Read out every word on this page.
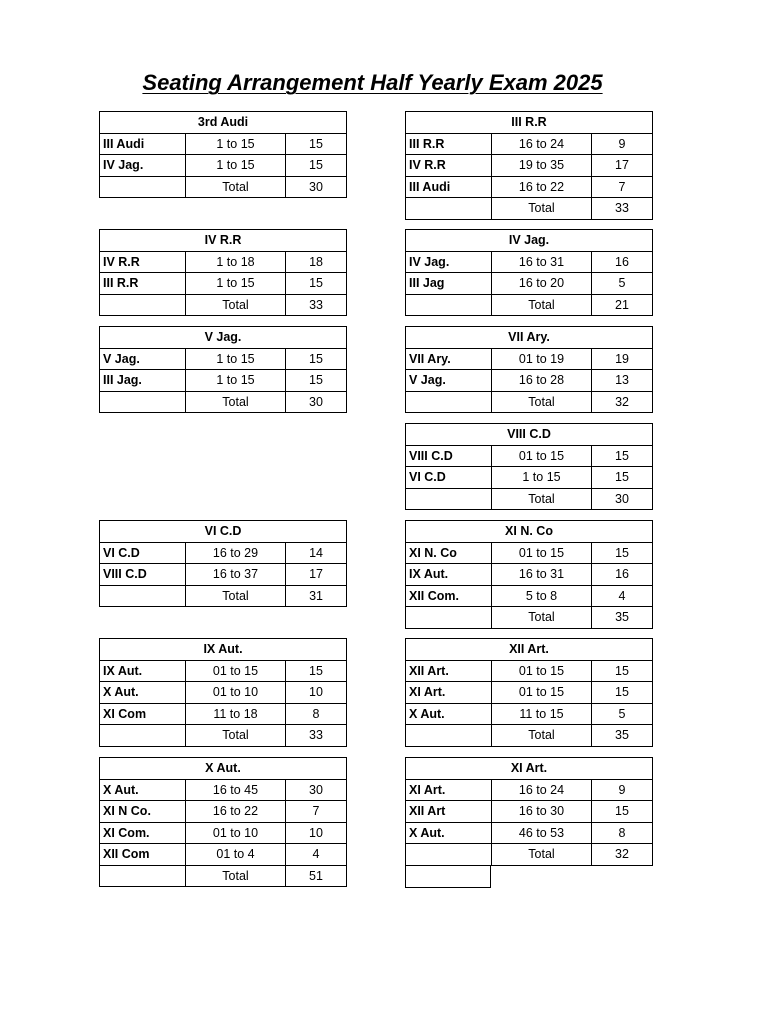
Seating Arrangement Half Yearly Exam 2025
3rd Audi		
III Audi	1 to 15	15
IV Jag.	1 to 15	15
	Total	30
III R.R		
III R.R	16 to 24	9
IV R.R	19 to 35	17
III Audi	16 to 22	7
	Total	33
IV R.R		
IV R.R	1 to 18	18
III R.R	1 to 15	15
	Total	33
IV Jag.		
IV Jag.	16 to 31	16
III Jag	16 to 20	5
	Total	21
V Jag.		
V Jag.	1 to 15	15
III Jag.	1 to 15	15
	Total	30
VII Ary.		
VII Ary.	01 to 19	19
V Jag.	16 to 28	13
	Total	32
VIII C.D		
VIII C.D	01 to 15	15
VI C.D	1 to 15	15
	Total	30
VI C.D		
VI C.D	16 to 29	14
VIII C.D	16 to 37	17
	Total	31
XI N. Co		
XI N. Co	01 to 15	15
IX Aut.	16 to 31	16
XII Com.	5 to 8	4
	Total	35
IX Aut.		
IX Aut.	01 to 15	15
X Aut.	01 to 10	10
XI Com	11 to 18	8
	Total	33
XII Art.		
XII Art.	01 to 15	15
XI Art.	01 to 15	15
X Aut.	11 to 15	5
	Total	35
X Aut.		
X Aut.	16 to 45	30
XI N Co.	16 to 22	7
XI Com.	01 to 10	10
XII Com	01 to 4	4
	Total	51
XI Art.		
XI Art.	16 to 24	9
XII Art	16 to 30	15
X Aut.	46 to 53	8
	Total	32
